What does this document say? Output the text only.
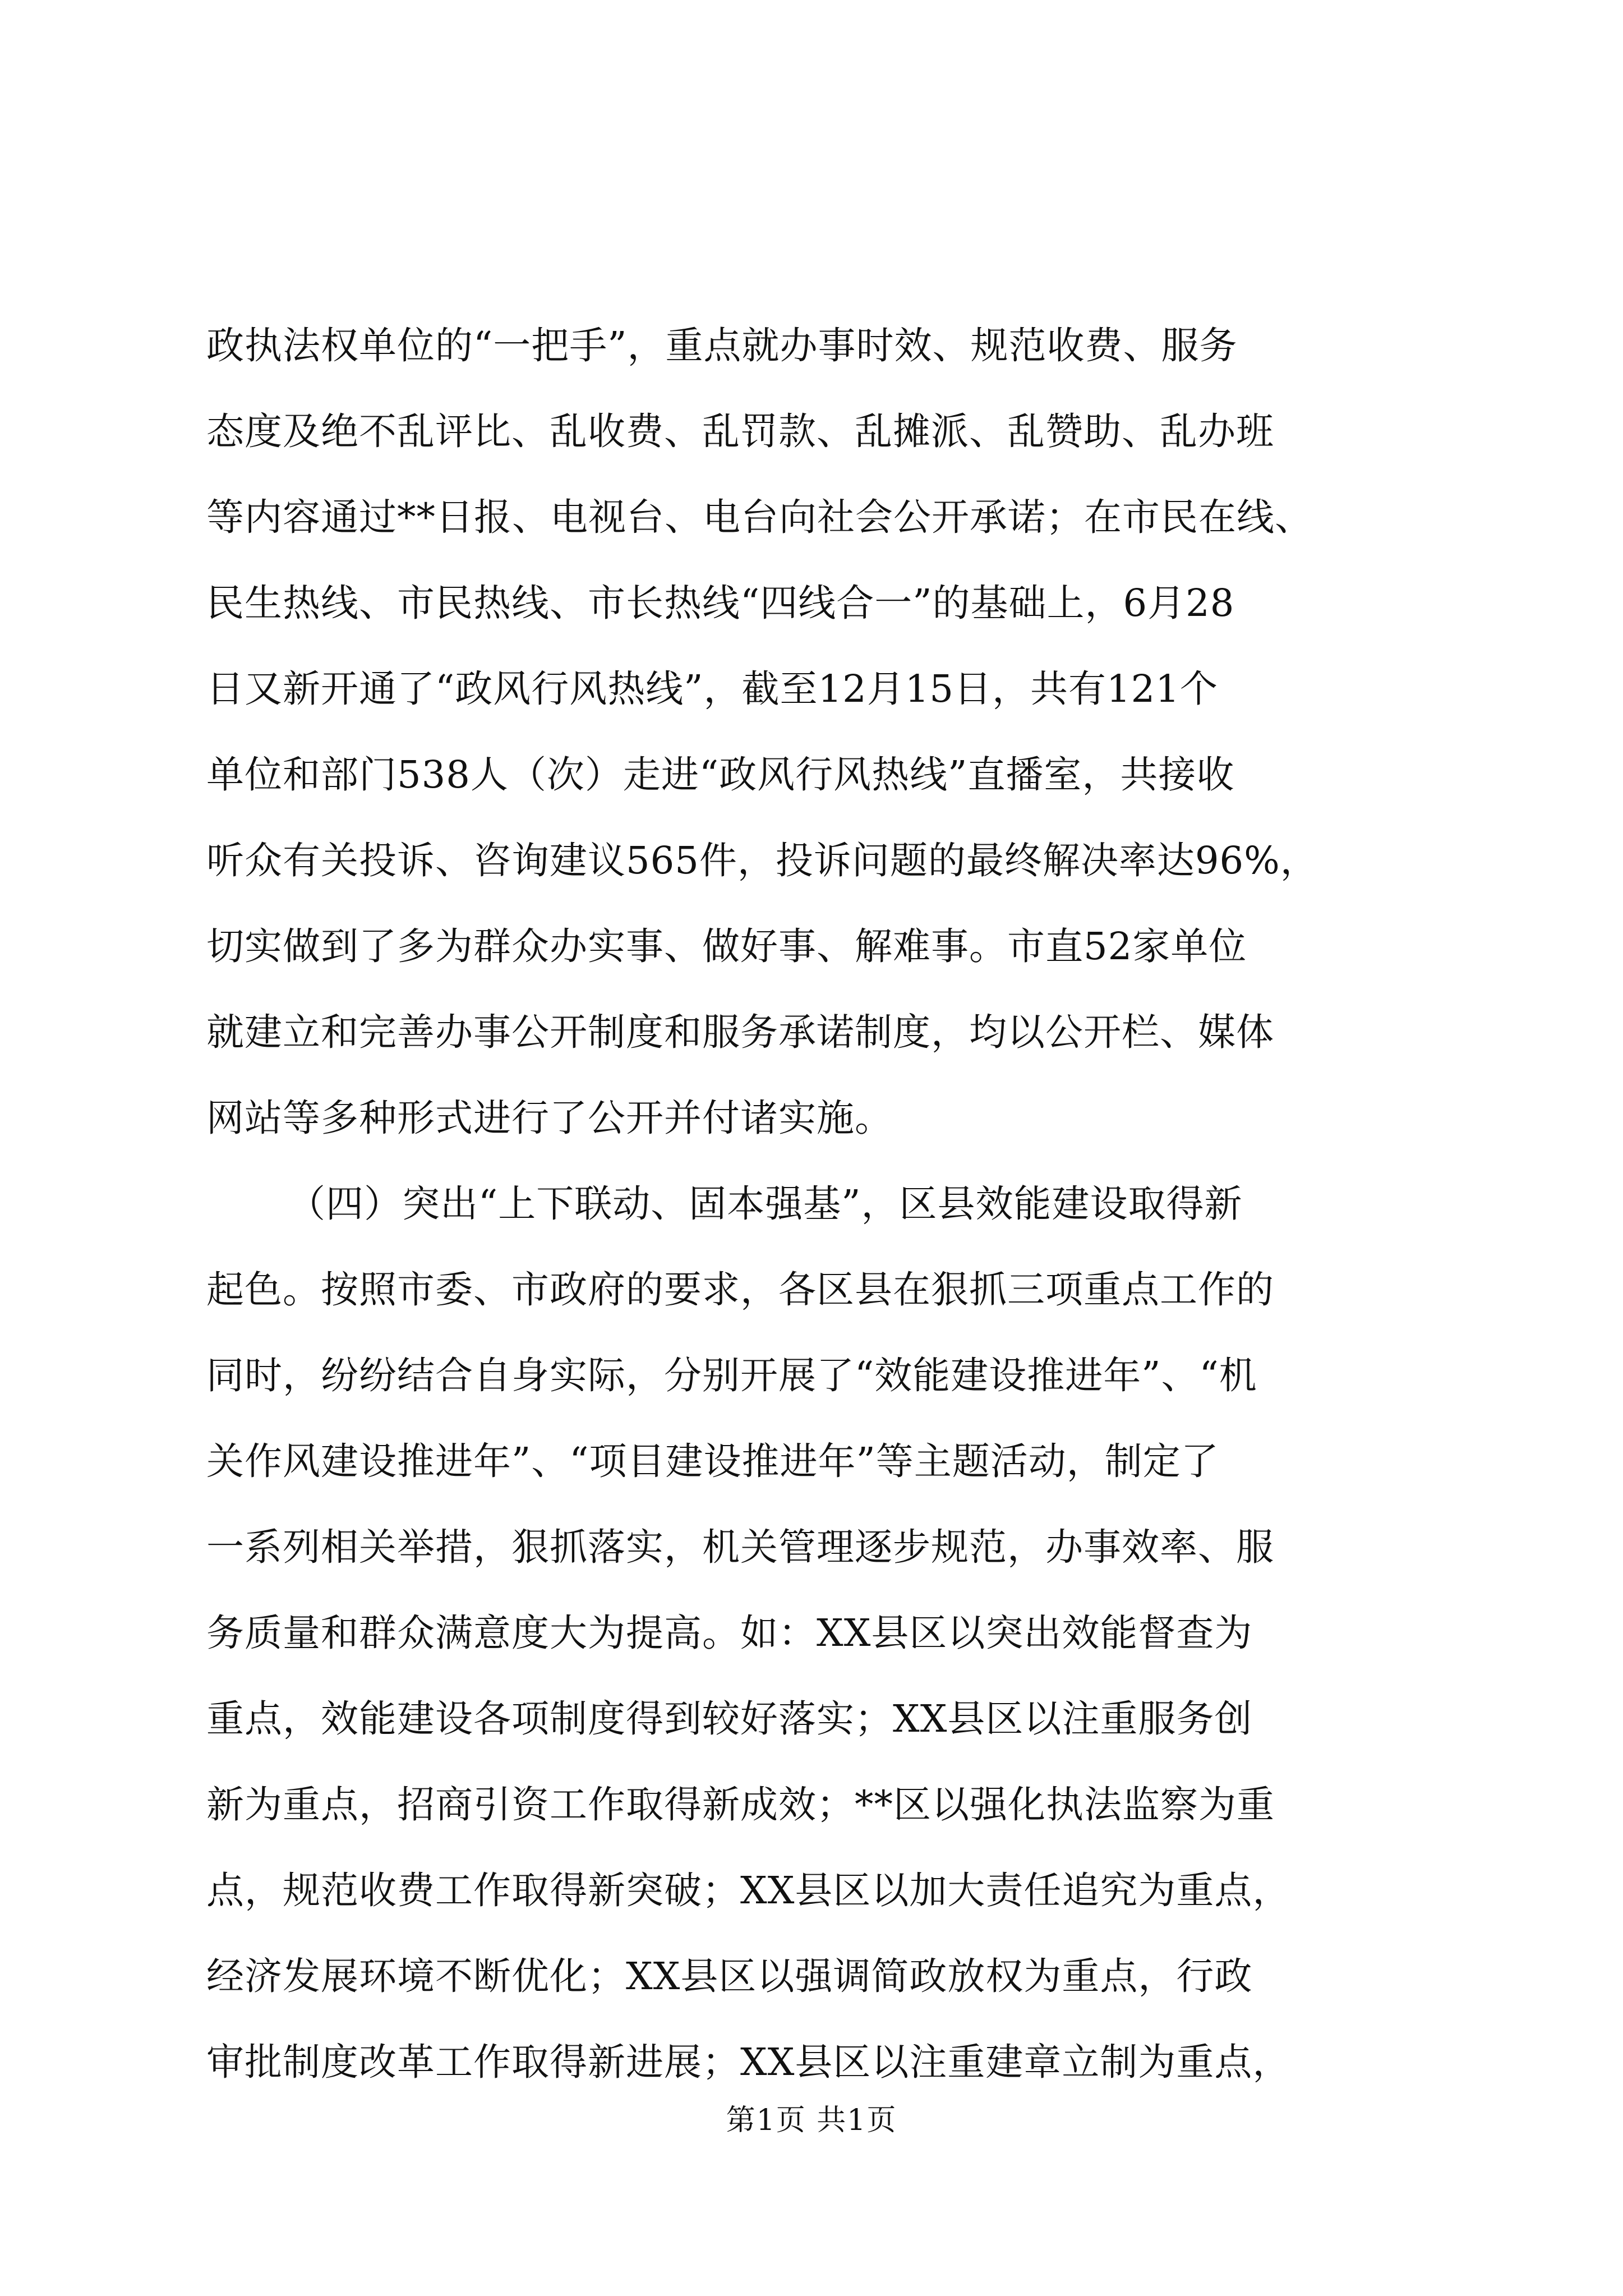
政执法权单位的“一把手”，重点就办事时效、规范收费、服务
态度及绝不乱评比、乱收费、乱罚款、乱摊派、乱赞助、乱办班
等内容通过**日报、电视台、电台向社会公开承诺；在市民在线、
民生热线、市民热线、市长热线“四线合一”的基础上，6月28
日又新开通了“政风行风热线”，截至12月15日，共有121个
单位和部门538人（次）走进“政风行风热线”直播室，共接收
听众有关投诉、咨询建议565件，投诉问题的最终解决率达96%，
切实做到了多为群众办实事、做好事、解难事。市直52家单位
就建立和完善办事公开制度和服务承诺制度，均以公开栏、媒体
网站等多种形式进行了公开并付诸实施。
（四）突出“上下联动、固本强基”，区县效能建设取得新
起色。按照市委、市政府的要求，各区县在狠抓三项重点工作的
同时，纷纷结合自身实际，分别开展了“效能建设推进年”、“机
关作风建设推进年”、“项目建设推进年”等主题活动，制定了
一系列相关举措，狠抓落实，机关管理逐步规范，办事效率、服
务质量和群众满意度大为提高。如：XX县区以突出效能督查为
重点，效能建设各项制度得到较好落实；XX县区以注重服务创
新为重点，招商引资工作取得新成效；**区以强化执法监察为重
点，规范收费工作取得新突破；XX县区以加大责任追究为重点，
经济发展环境不断优化；XX县区以强调简政放权为重点，行政
审批制度改革工作取得新进展；XX县区以注重建章立制为重点，
第1页 共1页
